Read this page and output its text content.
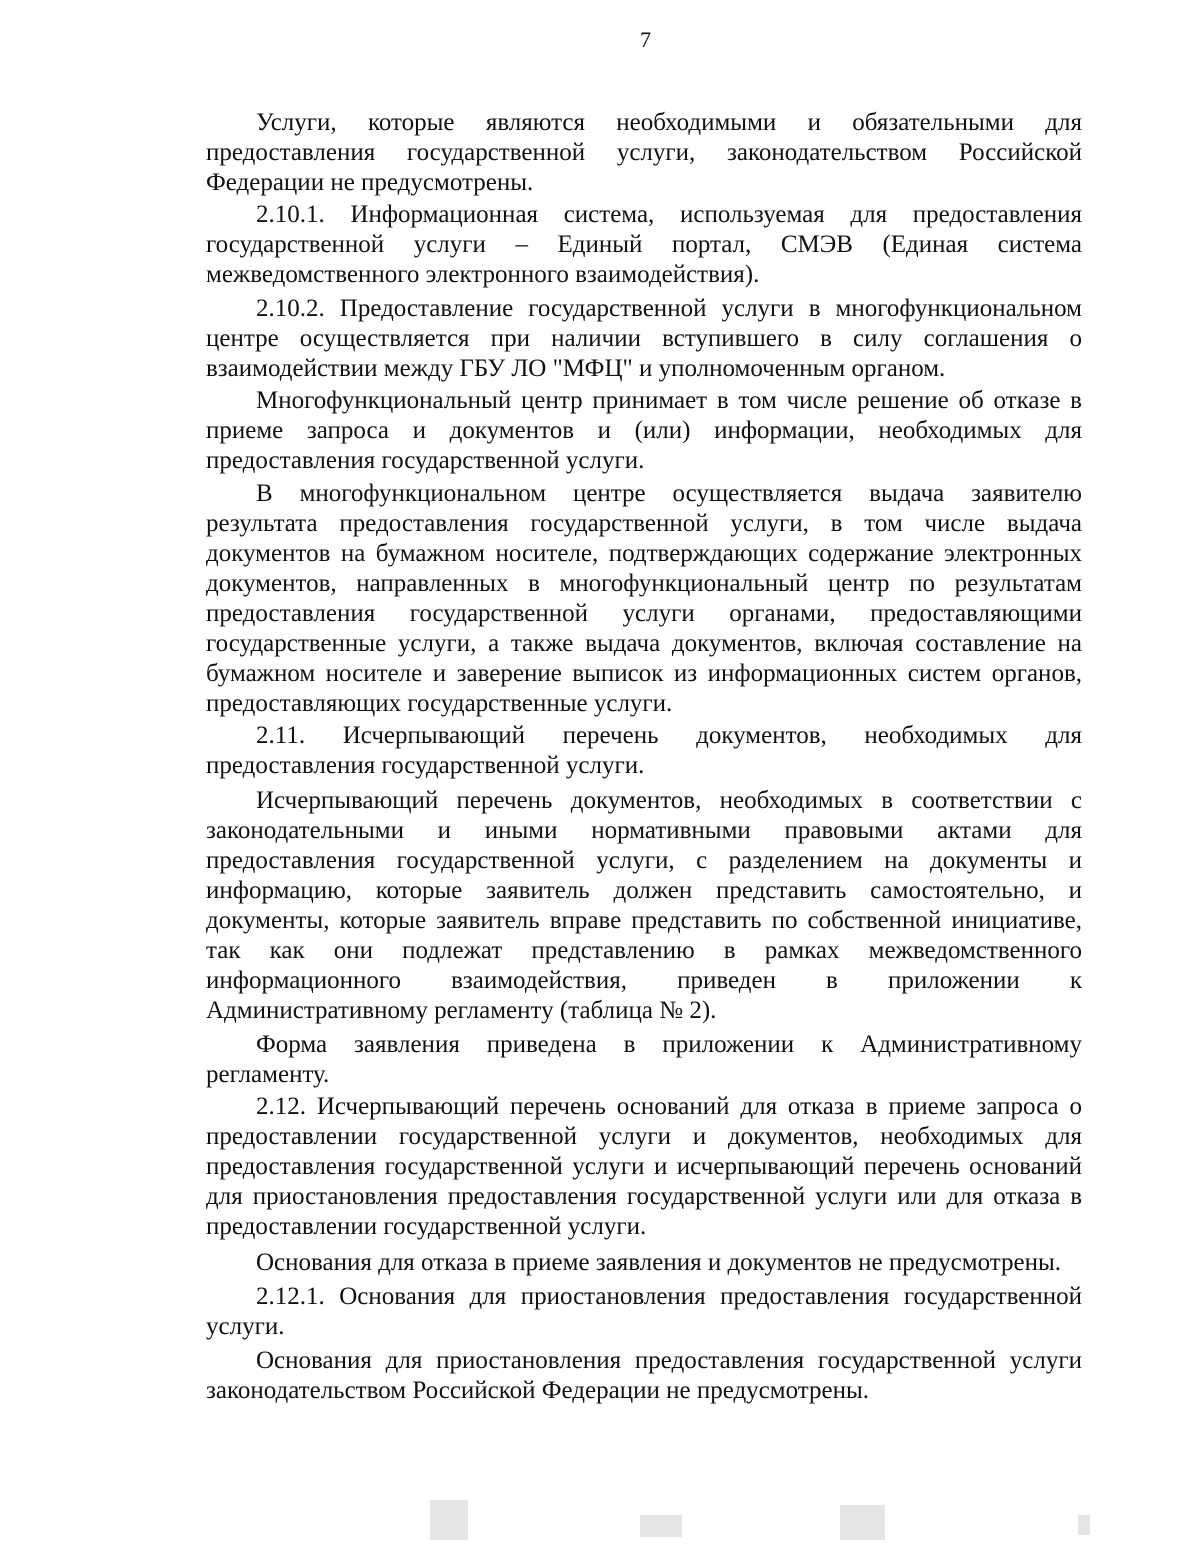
7

Услуги, которые являются необходимыми и обязательными для предоставления государственной услуги, законодательством Российской Федерации не предусмотрены.

2.10.1. Информационная система, используемая для предоставления государственной услуги – Единый портал, СМЭВ (Единая система межведомственного электронного взаимодействия).

2.10.2. Предоставление государственной услуги в многофункциональном центре осуществляется при наличии вступившего в силу соглашения о взаимодействии между ГБУ ЛО "МФЦ" и уполномоченным органом.

Многофункциональный центр принимает в том числе решение об отказе в приеме запроса и документов и (или) информации, необходимых для предоставления государственной услуги.

В многофункциональном центре осуществляется выдача заявителю результата предоставления государственной услуги, в том числе выдача документов на бумажном носителе, подтверждающих содержание электронных документов, направленных в многофункциональный центр по результатам предоставления государственной услуги органами, предоставляющими государственные услуги, а также выдача документов, включая составление на бумажном носителе и заверение выписок из информационных систем органов, предоставляющих государственные услуги.

2.11. Исчерпывающий перечень документов, необходимых для предоставления государственной услуги.

Исчерпывающий перечень документов, необходимых в соответствии с законодательными и иными нормативными правовыми актами для предоставления государственной услуги, с разделением на документы и информацию, которые заявитель должен представить самостоятельно, и документы, которые заявитель вправе представить по собственной инициативе, так как они подлежат представлению в рамках межведомственного информационного взаимодействия, приведен в приложении к Административному регламенту (таблица № 2).

Форма заявления приведена в приложении к Административному регламенту.

2.12. Исчерпывающий перечень оснований для отказа в приеме запроса о предоставлении государственной услуги и документов, необходимых для предоставления государственной услуги и исчерпывающий перечень оснований для приостановления предоставления государственной услуги или для отказа в предоставлении государственной услуги.

Основания для отказа в приеме заявления и документов не предусмотрены.

2.12.1. Основания для приостановления предоставления государственной услуги.

Основания для приостановления предоставления государственной услуги законодательством Российской Федерации не предусмотрены.
